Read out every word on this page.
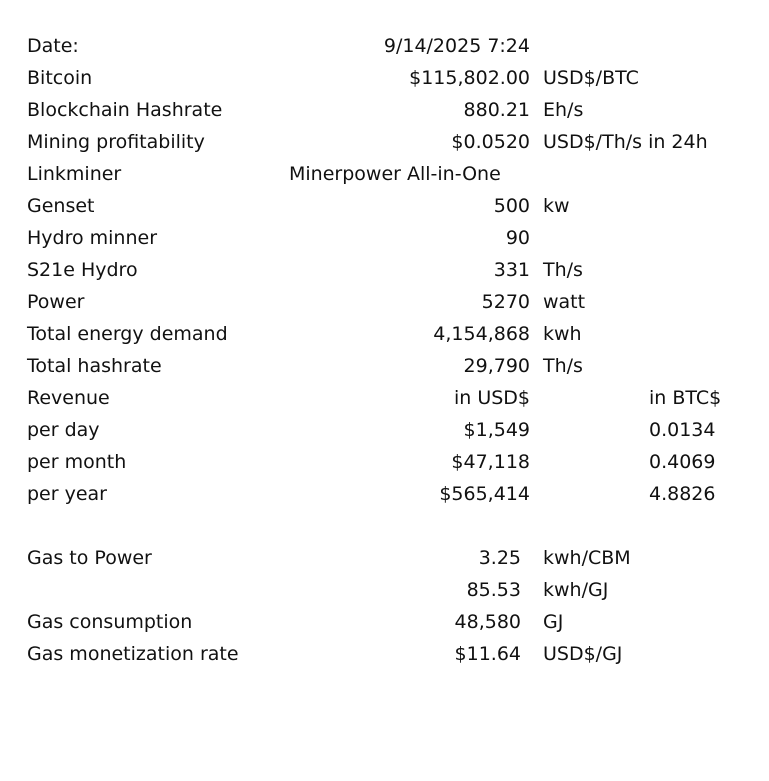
Date:	9/14/2025 7:24
Bitcoin	$115,802.00 USD$/BTC
Blockchain Hashrate	880.21 Eh/s
Mining profitability	$0.0520 USD$/Th/s in 24h
Linkminer	Minerpower All-in-One
Genset	500 kw
Hydro minner	90
S21e Hydro	331 Th/s
Power	5270 watt
Total energy demand	4,154,868 kwh
Total hashrate	29,790 Th/s
Revenue	in USD$	in BTC$
per day	$1,549	0.0134
per month	$47,118	0.4069
per year	$565,414	4.8826
Gas to Power	3.25 kwh/CBM
85.53 kwh/GJ
Gas consumption	48,580 GJ
Gas monetization rate	$11.64 USD$/GJ
